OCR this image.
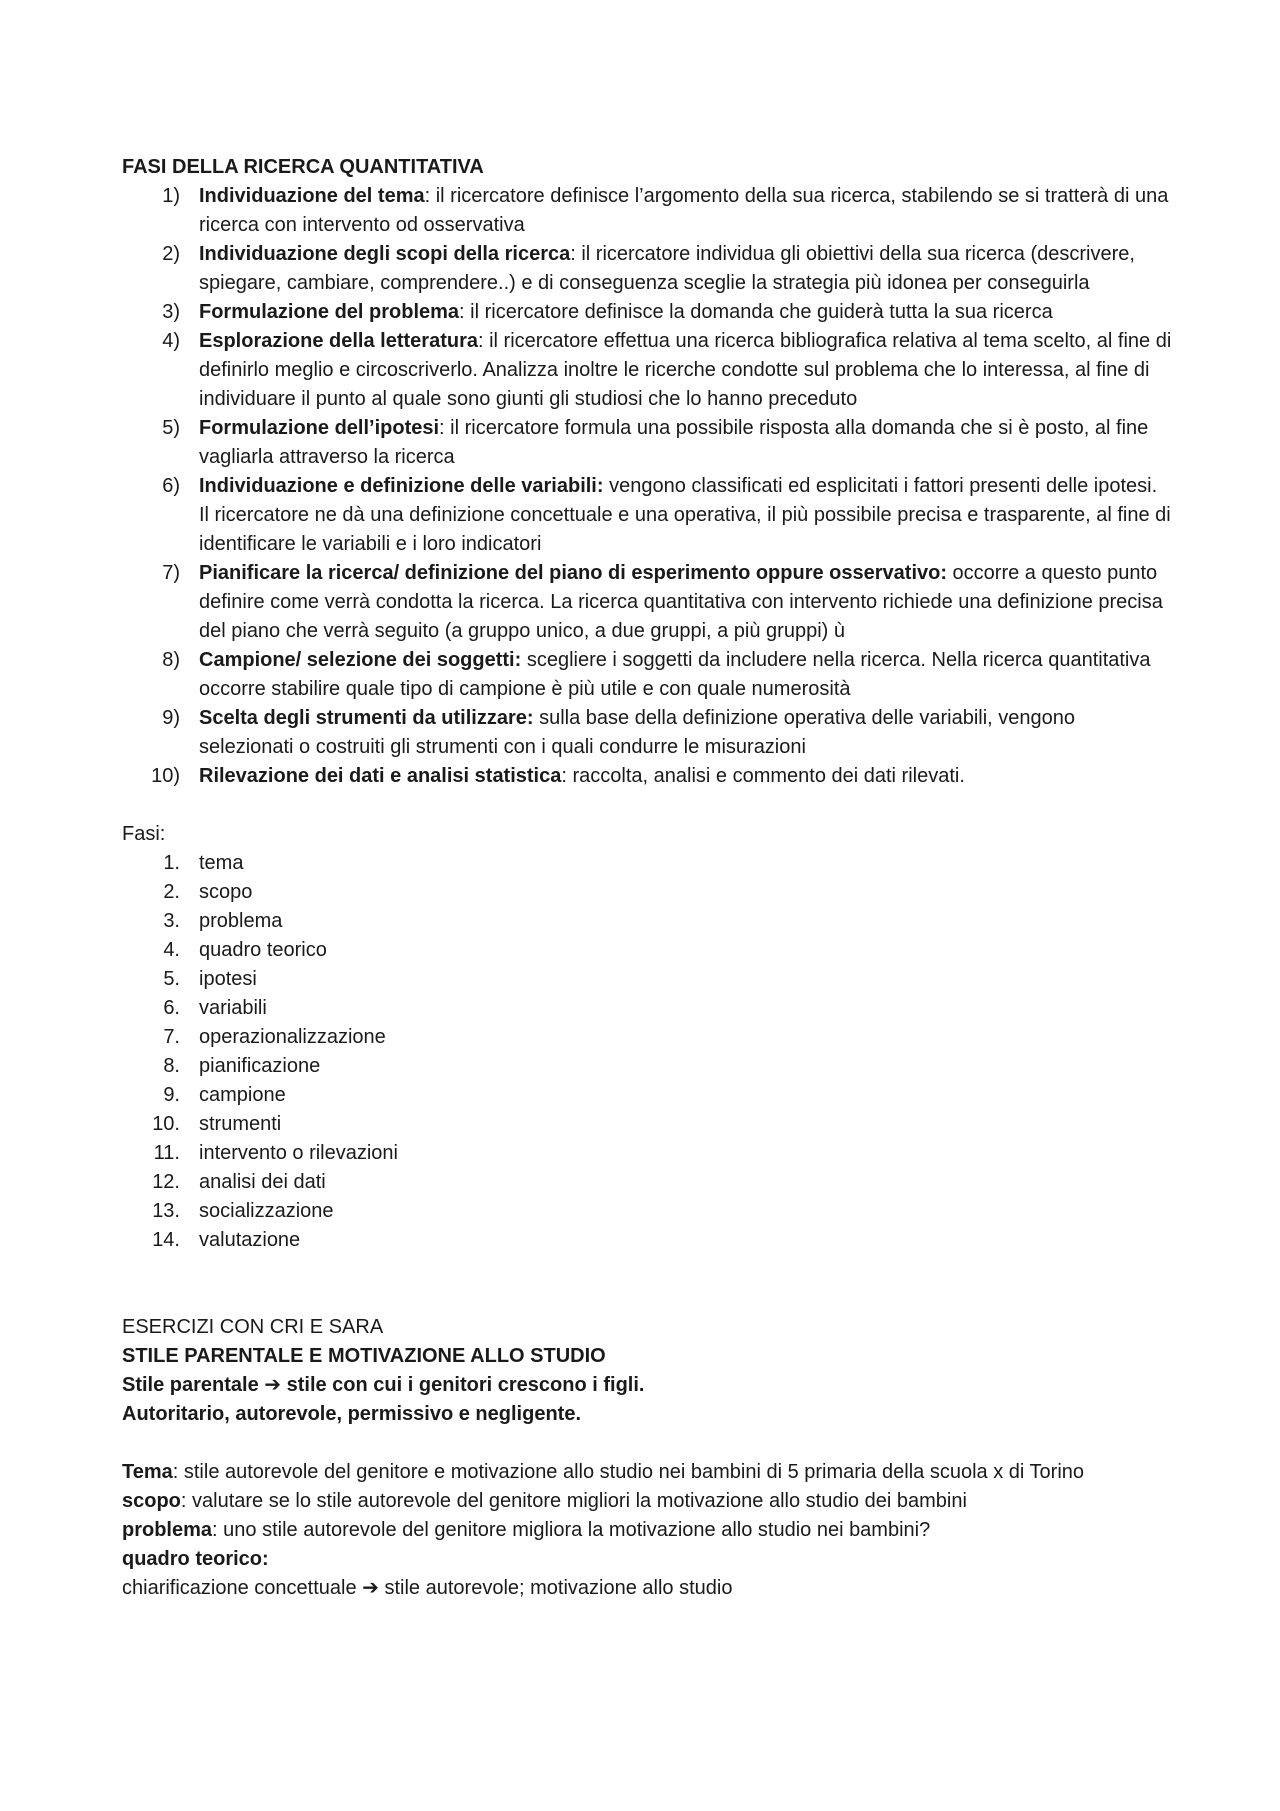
FASI DELLA RICERCA QUANTITATIVA
1) Individuazione del tema: il ricercatore definisce l’argomento della sua ricerca, stabilendo se si tratterà di una ricerca con intervento od osservativa
2) Individuazione degli scopi della ricerca: il ricercatore individua gli obiettivi della sua ricerca (descrivere, spiegare, cambiare, comprendere..) e di conseguenza sceglie la strategia più idonea per conseguirla
3) Formulazione del problema: il ricercatore definisce la domanda che guiderà tutta la sua ricerca
4) Esplorazione della letteratura: il ricercatore effettua una ricerca bibliografica relativa al tema scelto, al fine di definirlo meglio e circoscriverlo. Analizza inoltre le ricerche condotte sul problema che lo interessa, al fine di individuare il punto al quale sono giunti gli studiosi che lo hanno preceduto
5) Formulazione dell’ipotesi: il ricercatore formula una possibile risposta alla domanda che si è posto, al fine vagliarla attraverso la ricerca
6) Individuazione e definizione delle variabili: vengono classificati ed esplicitati i fattori presenti delle ipotesi. Il ricercatore ne dà una definizione concettuale e una operativa, il più possibile precisa e trasparente, al fine di identificare le variabili e i loro indicatori
7) Pianificare la ricerca/ definizione del piano di esperimento oppure osservativo: occorre a questo punto definire come verrà condotta la ricerca. La ricerca quantitativa con intervento richiede una definizione precisa del piano che verrà seguito (a gruppo unico, a due gruppi, a più gruppi) ù
8) Campione/ selezione dei soggetti: scegliere i soggetti da includere nella ricerca. Nella ricerca quantitativa occorre stabilire quale tipo di campione è più utile e con quale numerosità
9) Scelta degli strumenti da utilizzare: sulla base della definizione operativa delle variabili, vengono selezionati o costruiti gli strumenti con i quali condurre le misurazioni
10) Rilevazione dei dati e analisi statistica: raccolta, analisi e commento dei dati rilevati.
Fasi:
1. tema
2. scopo
3. problema
4. quadro teorico
5. ipotesi
6. variabili
7. operazionalizzazione
8. pianificazione
9. campione
10. strumenti
11. intervento o rilevazioni
12. analisi dei dati
13. socializzazione
14. valutazione
ESERCIZI CON CRI E SARA
STILE PARENTALE E MOTIVAZIONE ALLO STUDIO
Stile parentale ➔ stile con cui i genitori crescono i figli.
Autoritario, autorevole, permissivo e negligente.
Tema: stile autorevole del genitore e motivazione allo studio nei bambini di 5 primaria della scuola x di Torino
scopo: valutare se lo stile autorevole del genitore migliori la motivazione allo studio dei bambini
problema: uno stile autorevole del genitore migliora la motivazione allo studio nei bambini?
quadro teorico:
chiarificazione concettuale ➔ stile autorevole; motivazione allo studio
